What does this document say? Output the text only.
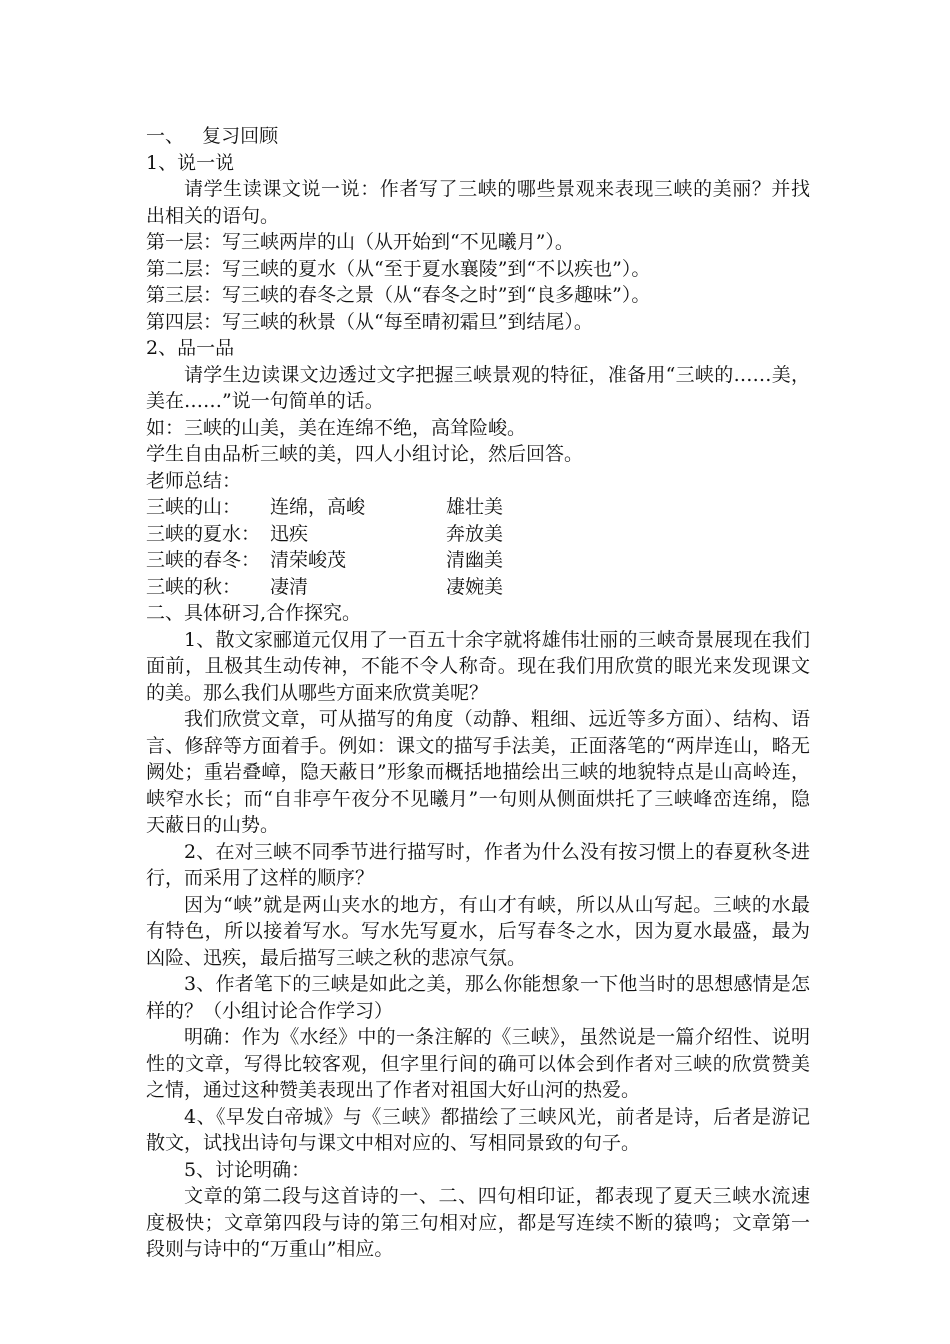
一、   复习回顾
1、说一说

请学生读课文说一说：作者写了三峡的哪些景观来表现三峡的美丽？并找出相关的语句。

第一层：写三峡两岸的山（从开始到“不见曦月”）。
第二层：写三峡的夏水（从“至于夏水襄陵”到“不以疾也”）。
第三层：写三峡的春冬之景（从“春冬之时”到“良多趣味”）。
第四层：写三峡的秋景（从“每至晴初霜旦”到结尾）。
2、品一品

请学生边读课文边透过文字把握三峡景观的特征，准备用“三峡的……美，美在……”说一句简单的话。

如：三峡的山美，美在连绵不绝，高耸险峻。
学生自由品析三峡的美，四人小组讨论，然后回答。
老师总结：
三峡的山： 连绵，高峻	雄壮美
三峡的夏水： 迅疾	奔放美
三峡的春冬： 清荣峻茂	清幽美
三峡的秋： 凄清	凄婉美
二、具体研习,合作探究。

1、散文家郦道元仅用了一百五十余字就将雄伟壮丽的三峡奇景展现在我们面前，且极其生动传神，不能不令人称奇。现在我们用欣赏的眼光来发现课文的美。那么我们从哪些方面来欣赏美呢？

我们欣赏文章，可从描写的角度（动静、粗细、远近等多方面）、结构、语言、修辞等方面着手。例如：课文的描写手法美，正面落笔的“两岸连山，略无阙处；重岩叠嶂，隐天蔽日”形象而概括地描绘出三峡的地貌特点是山高岭连，峡窄水长；而“自非亭午夜分不见曦月”一句则从侧面烘托了三峡峰峦连绵，隐天蔽日的山势。

2、在对三峡不同季节进行描写时，作者为什么没有按习惯上的春夏秋冬进行，而采用了这样的顺序？

因为“峡”就是两山夹水的地方，有山才有峡，所以从山写起。三峡的水最有特色，所以接着写水。写水先写夏水，后写春冬之水，因为夏水最盛，最为凶险、迅疾，最后描写三峡之秋的悲凉气氛。

3、作者笔下的三峡是如此之美，那么你能想象一下他当时的思想感情是怎样的？（小组讨论合作学习）

明确：作为《水经》中的一条注解的《三峡》，虽然说是一篇介绍性、说明性的文章，写得比较客观，但字里行间的确可以体会到作者对三峡的欣赏赞美之情，通过这种赞美表现出了作者对祖国大好山河的热爱。

4、《早发白帝城》与《三峡》都描绘了三峡风光，前者是诗，后者是游记散文，试找出诗句与课文中相对应的、写相同景致的句子。

5、讨论明确：

文章的第二段与这首诗的一、二、四句相印证，都表现了夏天三峡水流速度极快；文章第四段与诗的第三句相对应，都是写连续不断的猿鸣；文章第一段则与诗中的“万重山”相应。
